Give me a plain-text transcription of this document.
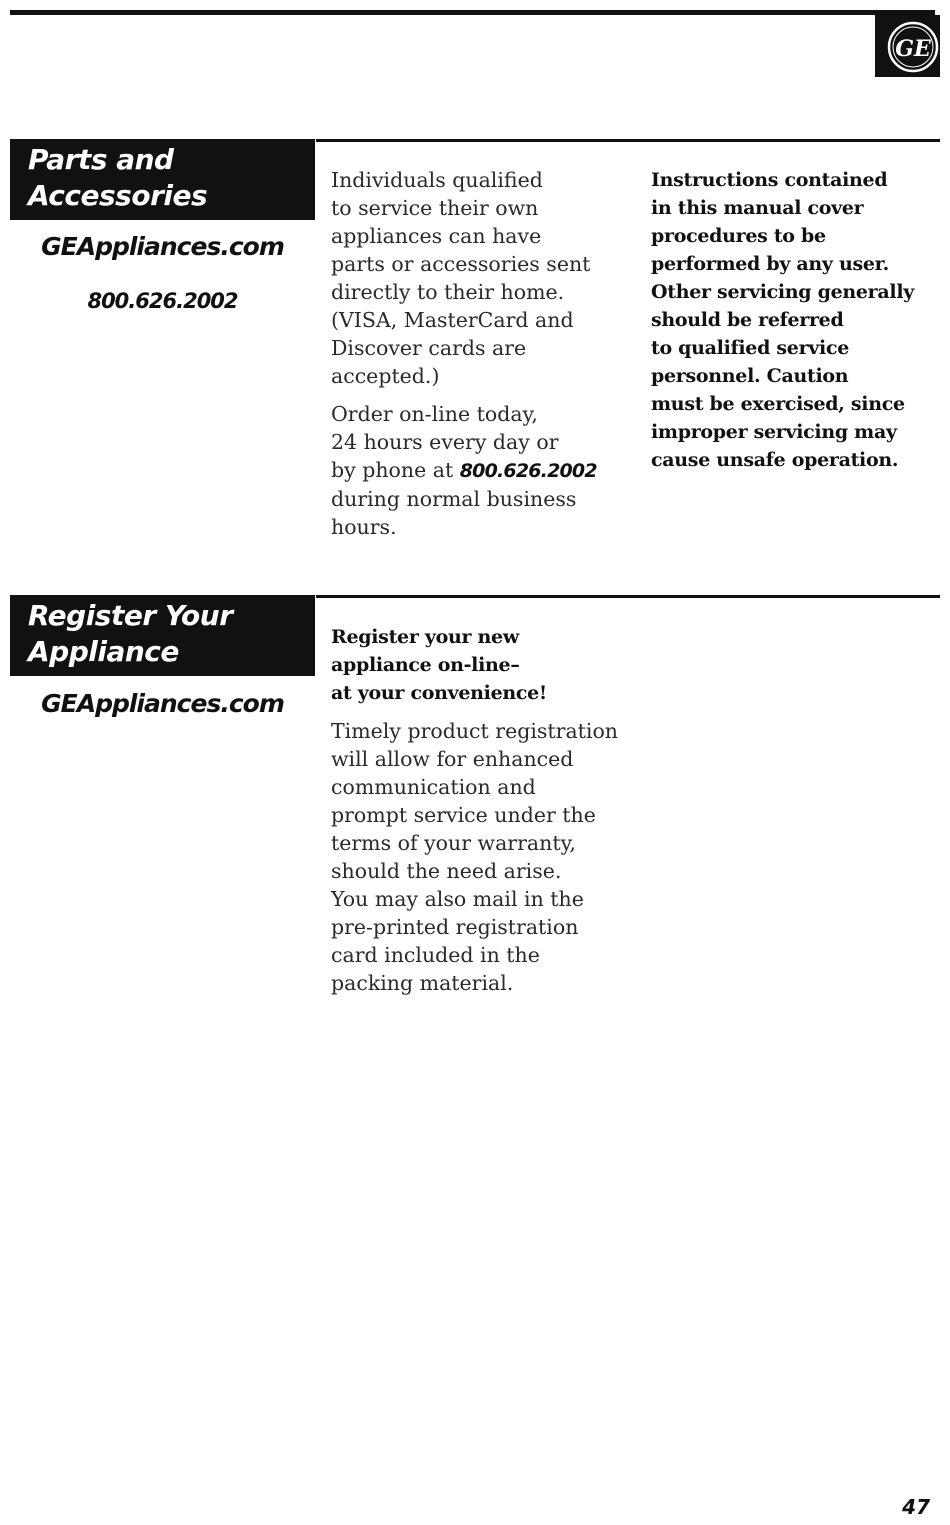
GE
Parts and
Accessories
GEAppliances.com
800.626.2002
Individuals qualified
to service their own
appliances can have
parts or accessories sent
directly to their home.
(VISA, MasterCard and
Discover cards are
accepted.)
Order on-line today,
24 hours every day or
by phone at 800.626.2002
during normal business
hours.
Instructions contained
in this manual cover
procedures to be
performed by any user.
Other servicing generally
should be referred
to qualified service
personnel. Caution
must be exercised, since
improper servicing may
cause unsafe operation.
Register Your
Appliance
GEAppliances.com
Register your new
appliance on-line–
at your convenience!
Timely product registration
will allow for enhanced
communication and
prompt service under the
terms of your warranty,
should the need arise.
You may also mail in the
pre-printed registration
card included in the
packing material.
47
